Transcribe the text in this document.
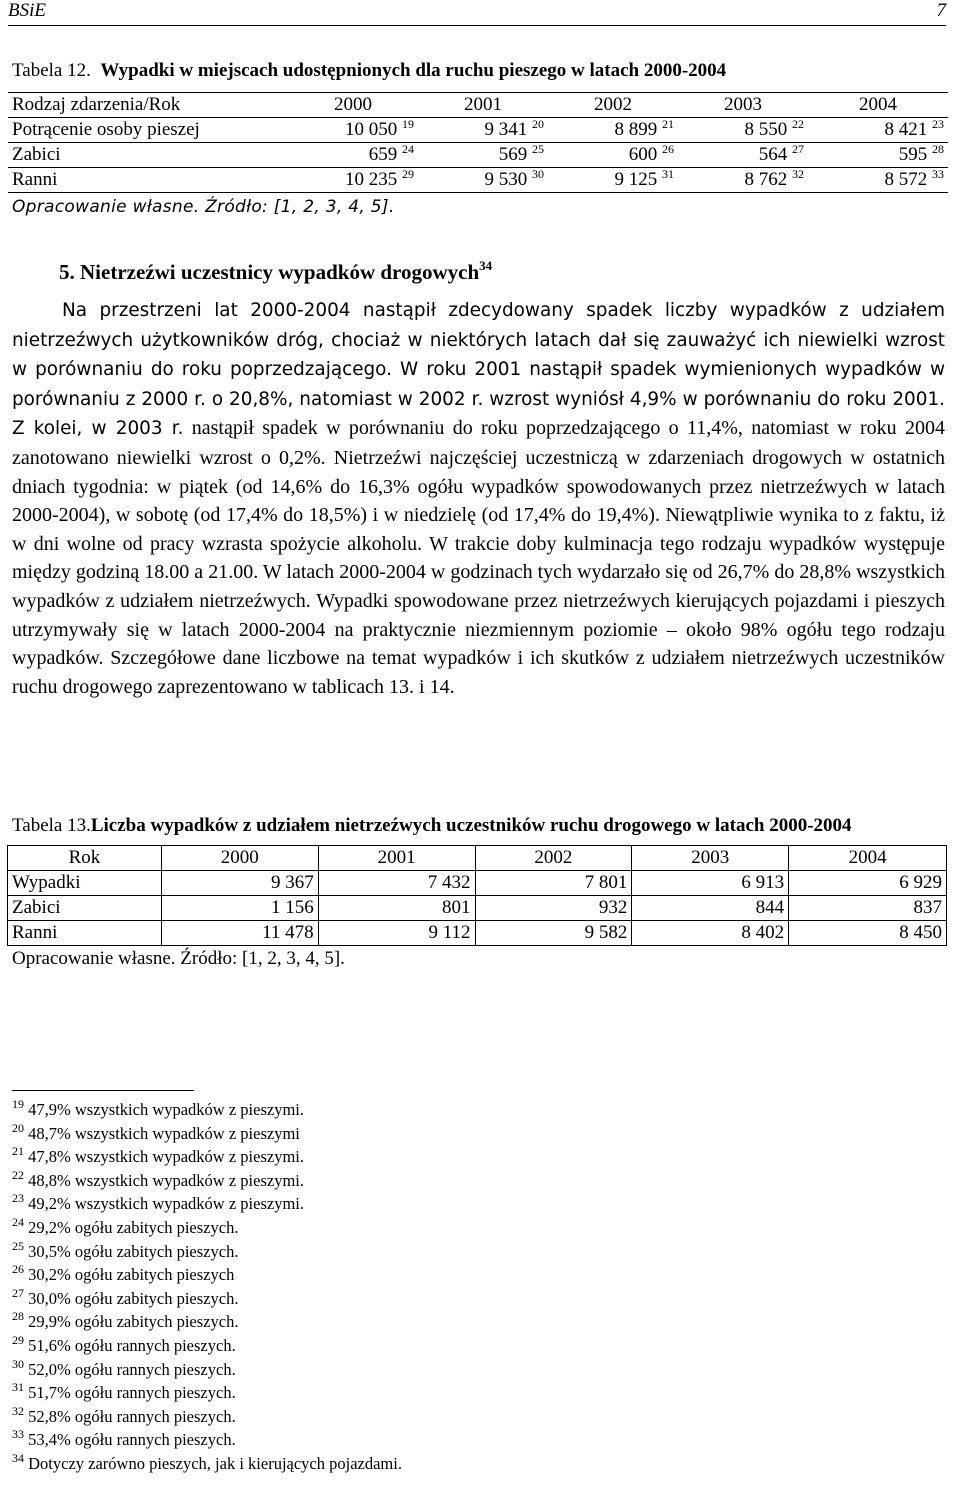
BSiE	7
Tabela 12. Wypadki w miejscach udostępnionych dla ruchu pieszego w latach 2000-2004
Rodzaj zdarzenia/Rok	2000	2001	2002	2003	2004
Potrącenie osoby pieszej	10 050 $^{19}$	9 341 $^{20}$	8 899 $^{21}$	8 550 $^{22}$	8 421 $^{23}$
Zabici	659 $^{24}$	569 $^{25}$	600 $^{26}$	564 $^{27}$	595 $^{28}$
Ranni	10 235 $^{29}$	9 530 $^{30}$	9 125 $^{31}$	8 762 $^{32}$	8 572 $^{33}$
Opracowanie własne. Źródło: [1, 2, 3, 4, 5].
5. Nietrzeźwi uczestnicy wypadków drogowych$^{34}$
Na przestrzeni lat 2000-2004 nastąpił zdecydowany spadek liczby wypadków z udziałem nietrzeźwych użytkowników dróg, chociaż w niektórych latach dał się zauważyć ich niewielki wzrost w porównaniu do roku poprzedzającego. W roku 2001 nastąpił spadek wymienionych wypadków w porównaniu z 2000 r. o 20,8%, natomiast w 2002 r. wzrost wyniósł 4,9% w porównaniu do roku 2001. Z kolei, w 2003 r. nastąpił spadek w porównaniu do roku poprzedzającego o 11,4%, natomiast w roku 2004 zanotowano niewielki wzrost o 0,2%. Nietrzeźwi najczęściej uczestniczą w zdarzeniach drogowych w ostatnich dniach tygodnia: w piątek (od 14,6% do 16,3% ogółu wypadków spowodowanych przez nietrzeźwych w latach 2000-2004), w sobotę (od 17,4% do 18,5%) i w niedzielę (od 17,4% do 19,4%). Niewątpliwie wynika to z faktu, iż w dni wolne od pracy wzrasta spożycie alkoholu. W trakcie doby kulminacja tego rodzaju wypadków występuje między godziną 18.00 a 21.00. W latach 2000-2004 w godzinach tych wydarzało się od 26,7% do 28,8% wszystkich wypadków z udziałem nietrzeźwych. Wypadki spowodowane przez nietrzeźwych kierujących pojazdami i pieszych utrzymywały się w latach 2000-2004 na praktycznie niezmiennym poziomie – około 98% ogółu tego rodzaju wypadków. Szczegółowe dane liczbowe na temat wypadków i ich skutków z udziałem nietrzeźwych uczestników ruchu drogowego zaprezentowano w tablicach 13. i 14.
Tabela 13.Liczba wypadków z udziałem nietrzeźwych uczestników ruchu drogowego w latach 2000-2004
Rok	2000	2001	2002	2003	2004
Wypadki	9 367	7 432	7 801	6 913	6 929
Zabici	1 156	801	932	844	837
Ranni	11 478	9 112	9 582	8 402	8 450
Opracowanie własne. Źródło: [1, 2, 3, 4, 5].
$^{19}$ 47,9% wszystkich wypadków z pieszymi.
$^{20}$ 48,7% wszystkich wypadków z pieszymi
$^{21}$ 47,8% wszystkich wypadków z pieszymi.
$^{22}$ 48,8% wszystkich wypadków z pieszymi.
$^{23}$ 49,2% wszystkich wypadków z pieszymi.
$^{24}$ 29,2% ogółu zabitych pieszych.
$^{25}$ 30,5% ogółu zabitych pieszych.
$^{26}$ 30,2% ogółu zabitych pieszych
$^{27}$ 30,0% ogółu zabitych pieszych.
$^{28}$ 29,9% ogółu zabitych pieszych.
$^{29}$ 51,6% ogółu rannych pieszych.
$^{30}$ 52,0% ogółu rannych pieszych.
$^{31}$ 51,7% ogółu rannych pieszych.
$^{32}$ 52,8% ogółu rannych pieszych.
$^{33}$ 53,4% ogółu rannych pieszych.
$^{34}$ Dotyczy zarówno pieszych, jak i kierujących pojazdami.
